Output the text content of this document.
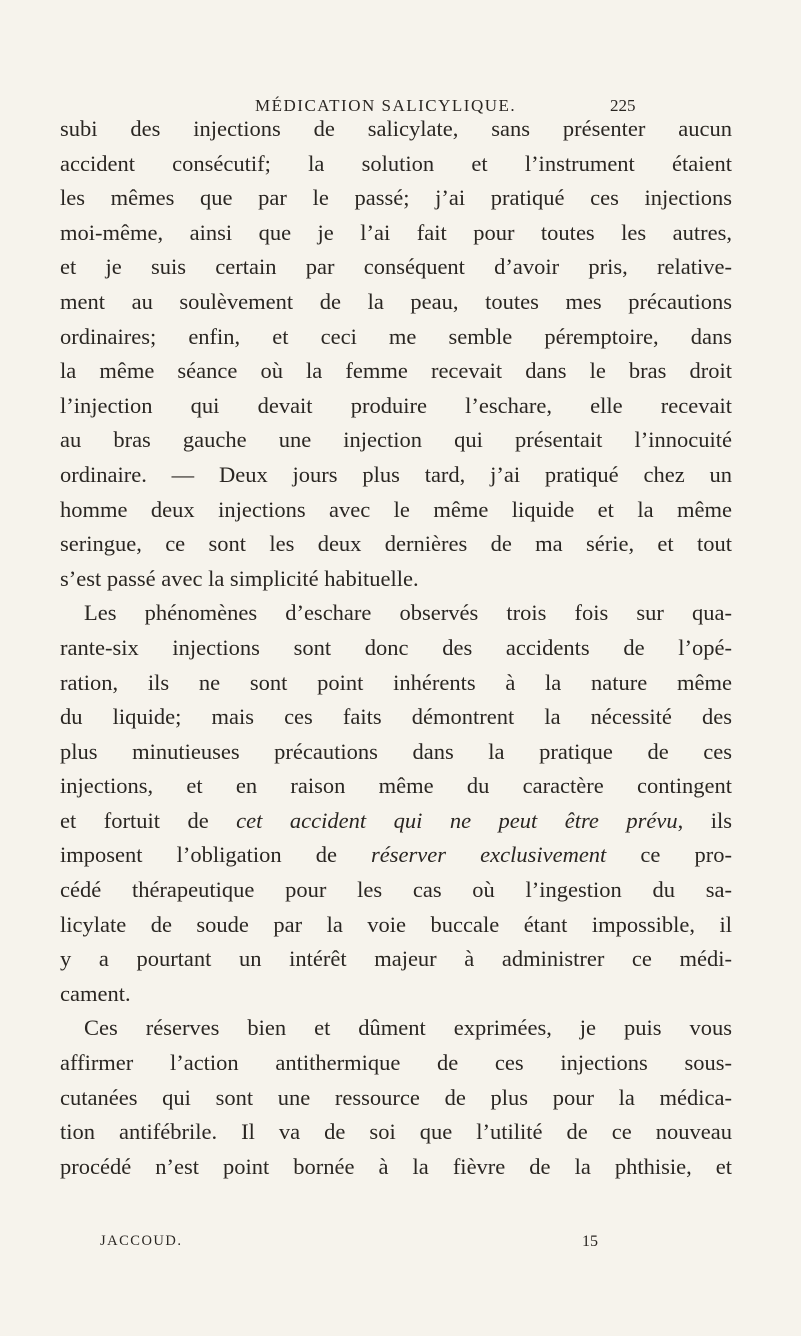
MÉDICATION SALICYLIQUE.	225
subi des injections de salicylate, sans présenter aucun
accident consécutif; la solution et l’instrument étaient
les mêmes que par le passé; j’ai pratiqué ces injections
moi-même, ainsi que je l’ai fait pour toutes les autres,
et je suis certain par conséquent d’avoir pris, relative-
ment au soulèvement de la peau, toutes mes précautions
ordinaires; enfin, et ceci me semble péremptoire, dans
la même séance où la femme recevait dans le bras droit
l’injection qui devait produire l’eschare, elle recevait
au bras gauche une injection qui présentait l’innocuité
ordinaire. — Deux jours plus tard, j’ai pratiqué chez un
homme deux injections avec le même liquide et la même
seringue, ce sont les deux dernières de ma série, et tout
s’est passé avec la simplicité habituelle.
Les phénomènes d’eschare observés trois fois sur qua-
rante-six injections sont donc des accidents de l’opé-
ration, ils ne sont point inhérents à la nature même
du liquide; mais ces faits démontrent la nécessité des
plus minutieuses précautions dans la pratique de ces
injections, et en raison même du caractère contingent
et fortuit de cet accident qui ne peut être prévu, ils
imposent l’obligation de réserver exclusivement ce pro-
cédé thérapeutique pour les cas où l’ingestion du sa-
licylate de soude par la voie buccale étant impossible, il
y a pourtant un intérêt majeur à administrer ce médi-
cament.
Ces réserves bien et dûment exprimées, je puis vous
affirmer l’action antithermique de ces injections sous-
cutanées qui sont une ressource de plus pour la médica-
tion antifébrile. Il va de soi que l’utilité de ce nouveau
procédé n’est point bornée à la fièvre de la phthisie, et
JACCOUD.	15
